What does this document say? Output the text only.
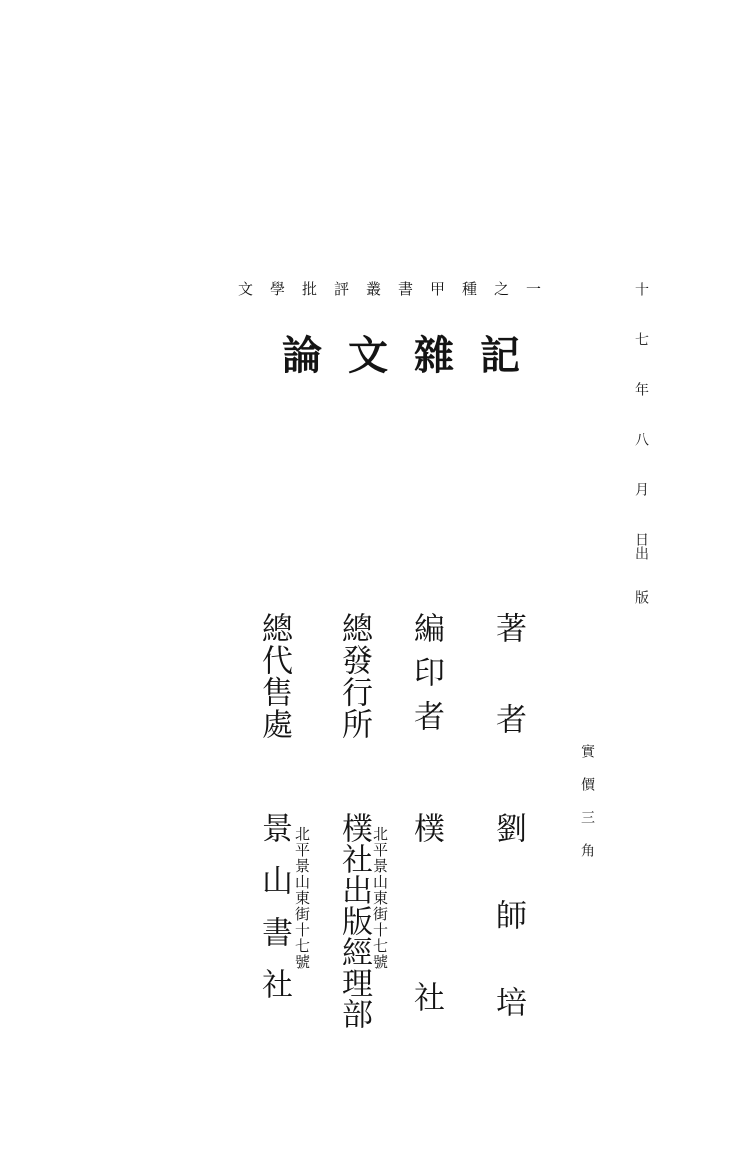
文學批評叢書甲種之一
論文雜記
著者
劉師培
編印者
樸社
總發行所
樸社出版經理部 北平景山東街十七號
總代售處
景山書社 北平景山東街十七號
十七年八月日出版
實價三角
